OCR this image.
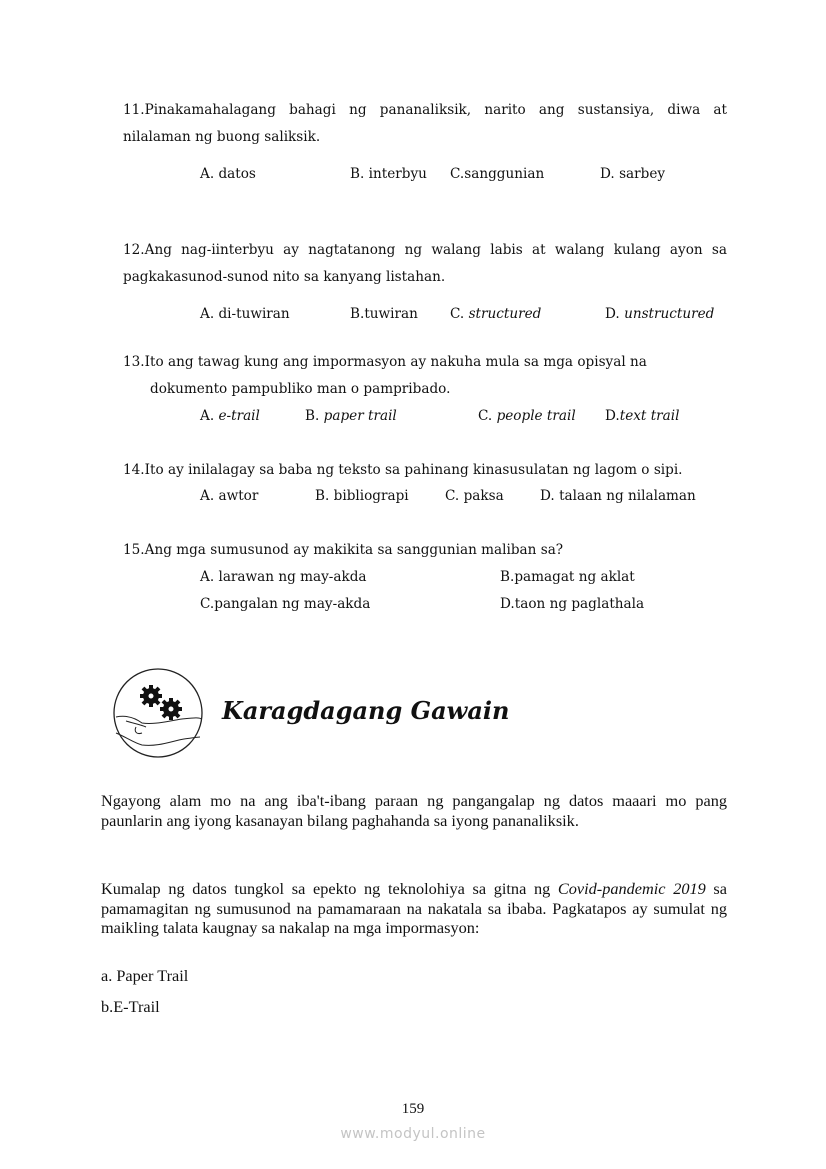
11.Pinakamahalagang bahagi ng pananaliksik, narito ang sustansiya, diwa at nilalaman ng buong saliksik.
A. datos	B. interbyu C.sanggunian	D. sarbey
12.Ang nag-iinterbyu ay nagtatanong ng walang labis at walang kulang ayon sa pagkakasunod-sunod nito sa kanyang listahan.
A. di-tuwiran	B.tuwiran C. structured	D. unstructured
13.Ito ang tawag kung ang impormasyon ay nakuha mula sa mga opisyal na
dokumento pampubliko man o pampribado.
A. e-trail	B. paper trail	C. people trail D.text trail
14.Ito ay inilalagay sa baba ng teksto sa pahinang kinasusulatan ng lagom o sipi.
A. awtor	B. bibliograpi	C. paksa	D. talaan ng nilalaman
15.Ang mga sumusunod ay makikita sa sanggunian maliban sa?
A. larawan ng may-akda	B.pamagat ng aklat
C.pangalan ng may-akda	D.taon ng paglathala
Karagdagang Gawain
Ngayong alam mo na ang iba't-ibang paraan ng pangangalap ng datos maaari mo pang paunlarin ang iyong kasanayan bilang paghahanda sa iyong pananaliksik.
Kumalap ng datos tungkol sa epekto ng teknolohiya sa gitna ng Covid-pandemic 2019 sa pamamagitan ng sumusunod na pamamaraan na nakatala sa ibaba. Pagkatapos ay sumulat ng maikling talata kaugnay sa nakalap na mga impormasyon:
a. Paper Trail
b.E-Trail
159
www.modyul.online
